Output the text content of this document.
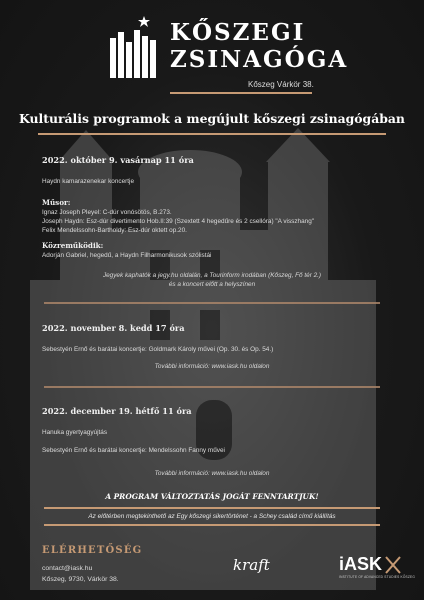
KŐSZEGI
ZSINAGÓGA
Kőszeg Várkör 38.
Kulturális programok a megújult kőszegi zsinagógában
2022. október 9. vasárnap 11 óra
Haydn kamarazenekar koncertje
Műsor:
Ignaz Joseph Pleyel: C-dúr vonósötös, B.273.
Joseph Haydn: Esz-dúr divertimento Hob.II:39 (Szextett 4 hegedűre és 2 csellóra) "A visszhang"
Felix Mendelssohn-Bartholdy: Esz-dúr oktett op.20.
Közreműködik:
Adorján Gabriel, hegedű, a Haydn Filharmonikusok szólistái
Jegyek kaphatók a jegy.hu oldalán, a Tourinform irodában (Kőszeg, Fő tér 2.)
és a koncert előtt a helyszínen
2022. november 8. kedd 17 óra
Sebestyén Ernő és barátai koncertje: Goldmark Károly művei (Op. 30. és Op. 54.)
További információ: www.iask.hu oldalon
2022. december 19. hétfő 11 óra
Hanuka gyertyagyújtás
Sebestyén Ernő és barátai koncertje: Mendelssohn Fanny művei
További információ: www.iask.hu oldalon
A PROGRAM VÁLTOZTATÁS JOGÁT FENNTARTJUK!
Az előtérben megtekinthető az Egy kőszegi sikertörténet - a Schey család című kiállítás
ELÉRHETŐSÉG
contact@iask.hu
Kőszeg, 9730, Várkör 38.
kraft	iASK
INSTITUTE OF ADVANCED STUDIES KŐSZEG
